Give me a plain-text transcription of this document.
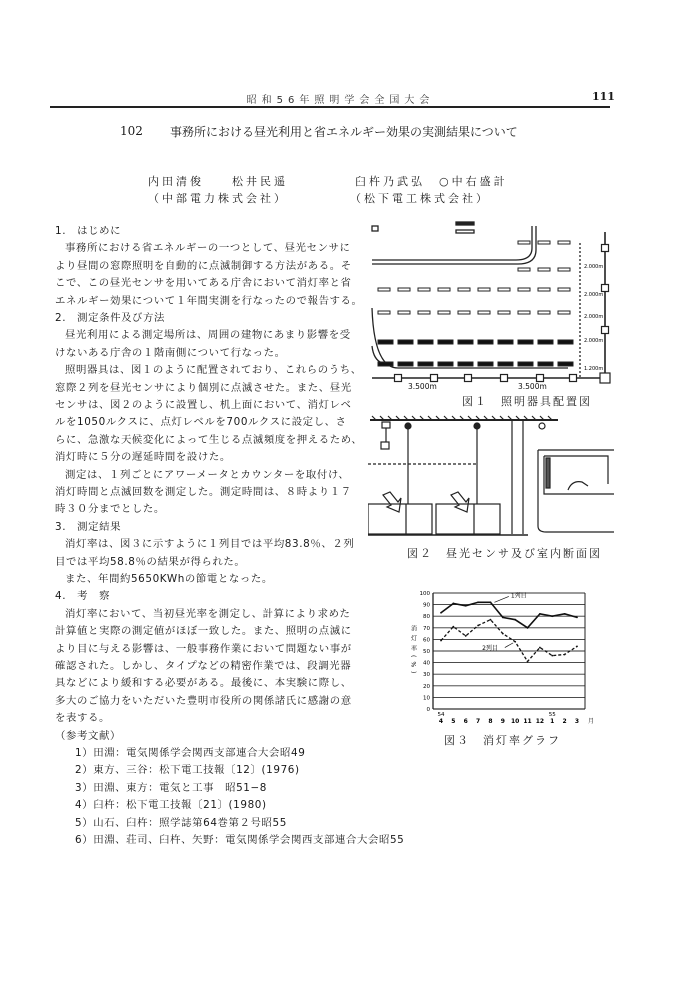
昭和56年照明学会全国大会	111
102 事務所における昼光利用と省エネルギー効果の実測結果について
内田清俊　　松井民遥
（中部電力株式会社）
臼杵乃武弘　○中右盛計
（松下電工株式会社）
1.　はじめに
事務所における省エネルギーの一つとして、昼光センサに
より昼間の窓際照明を自動的に点滅制御する方法がある。そ
こで、この昼光センサを用いてある庁舎において消灯率と省
エネルギー効果について１年間実測を行なったので報告する。
2.　測定条件及び方法
昼光利用による測定場所は、周囲の建物にあまり影響を受
けないある庁舎の１階南側について行なった。
照明器具は、図１のように配置されており、これらのうち、
窓際２列を昼光センサにより個別に点滅させた。また、昼光
センサは、図２のように設置し、机上面において、消灯レベ
ルを1050ルクスに、点灯レベルを700ルクスに設定し、さ
らに、急激な天候変化によって生じる点滅頻度を押えるため、
消灯時に５分の遅延時間を設けた。
測定は、１列ごとにアワーメータとカウンターを取付け、
消灯時間と点滅回数を測定した。測定時間は、８時より１７
時３０分までとした。
3.　測定結果
消灯率は、図３に示すように１列目では平均83.8％、２列
目では平均58.8％の結果が得られた。
また、年間約5650KWhの節電となった。
4.　考　察
消灯率において、当初昼光率を測定し、計算により求めた
計算値と実際の測定値がほぼ一致した。また、照明の点滅に
より目に与える影響は、一般事務作業において問題ない事が
確認された。しかし、タイプなどの精密作業では、段調光器
具などにより緩和する必要がある。最後に、本実験に際し、
多大のご協力をいただいた豊明市役所の関係諸氏に感謝の意
を表する。
（参考文献）
1）田淵：電気関係学会関西支部連合大会昭49
2）東方、三谷：松下電工技報〔12〕(1976)
3）田淵、東方：電気と工事　昭51−8
4）臼杵：松下電工技報〔21〕(1980)
5）山石、臼杵：照学誌第64巻第２号昭55
6）田淵、荘司、臼杵、矢野：電気関係学会関西支部連合大会昭55
2.000m
2.000m
2.000m
2.000m
1.200m
3.500m	3.500m
図１　照明器具配置図
図２　昼光センサ及び室内断面図
0
10
20
30
40
50
60
70
80
90
100
消灯率(%)
4 5 6 7 8 9 10 11 12 1 2 3
54	55
月
1列目
2列目
図３　消灯率グラフ
